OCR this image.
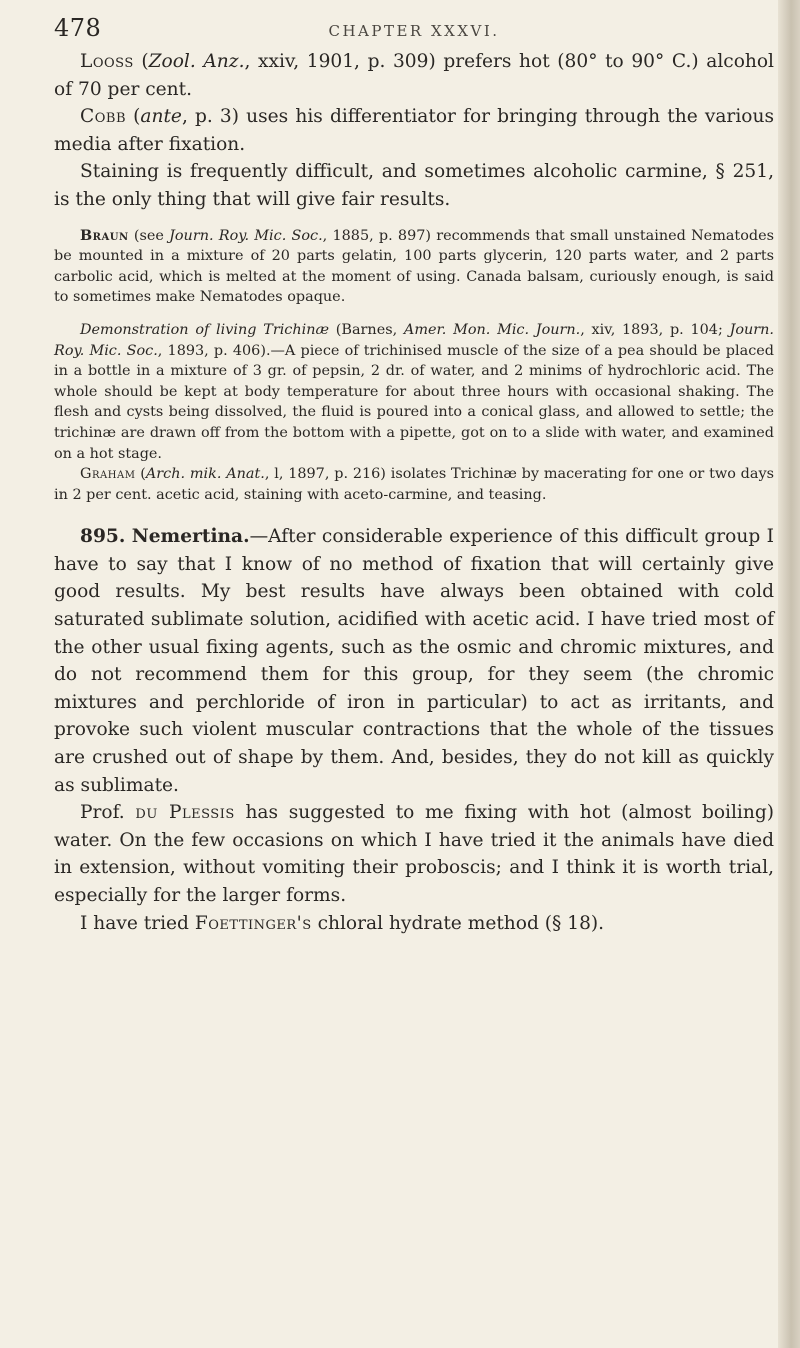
478	CHAPTER XXXVI.

Looss (Zool. Anz., xxiv, 1901, p. 309) prefers hot (80° to 90° C.) alcohol of 70 per cent.

Cobb (ante, p. 3) uses his differentiator for bringing through the various media after fixation.

Staining is frequently difficult, and sometimes alcoholic carmine, § 251, is the only thing that will give fair results.

Braun (see Journ. Roy. Mic. Soc., 1885, p. 897) recommends that small unstained Nematodes be mounted in a mixture of 20 parts gelatin, 100 parts glycerin, 120 parts water, and 2 parts carbolic acid, which is melted at the moment of using. Canada balsam, curiously enough, is said to sometimes make Nematodes opaque.

Demonstration of living Trichinæ (Barnes, Amer. Mon. Mic. Journ., xiv, 1893, p. 104; Journ. Roy. Mic. Soc., 1893, p. 406).—A piece of trichinised muscle of the size of a pea should be placed in a bottle in a mixture of 3 gr. of pepsin, 2 dr. of water, and 2 minims of hydrochloric acid. The whole should be kept at body temperature for about three hours with occasional shaking. The flesh and cysts being dissolved, the fluid is poured into a conical glass, and allowed to settle; the trichinæ are drawn off from the bottom with a pipette, got on to a slide with water, and examined on a hot stage.

Graham (Arch. mik. Anat., l, 1897, p. 216) isolates Trichinæ by macerating for one or two days in 2 per cent. acetic acid, staining with aceto-carmine, and teasing.

895. Nemertina.—After considerable experience of this difficult group I have to say that I know of no method of fixation that will certainly give good results. My best results have always been obtained with cold saturated sublimate solution, acidified with acetic acid. I have tried most of the other usual fixing agents, such as the osmic and chromic mixtures, and do not recommend them for this group, for they seem (the chromic mixtures and perchloride of iron in particular) to act as irritants, and provoke such violent muscular contractions that the whole of the tissues are crushed out of shape by them. And, besides, they do not kill as quickly as sublimate.

Prof. du Plessis has suggested to me fixing with hot (almost boiling) water. On the few occasions on which I have tried it the animals have died in extension, without vomiting their proboscis; and I think it is worth trial, especially for the larger forms.

I have tried Foettinger's chloral hydrate method (§ 18).
